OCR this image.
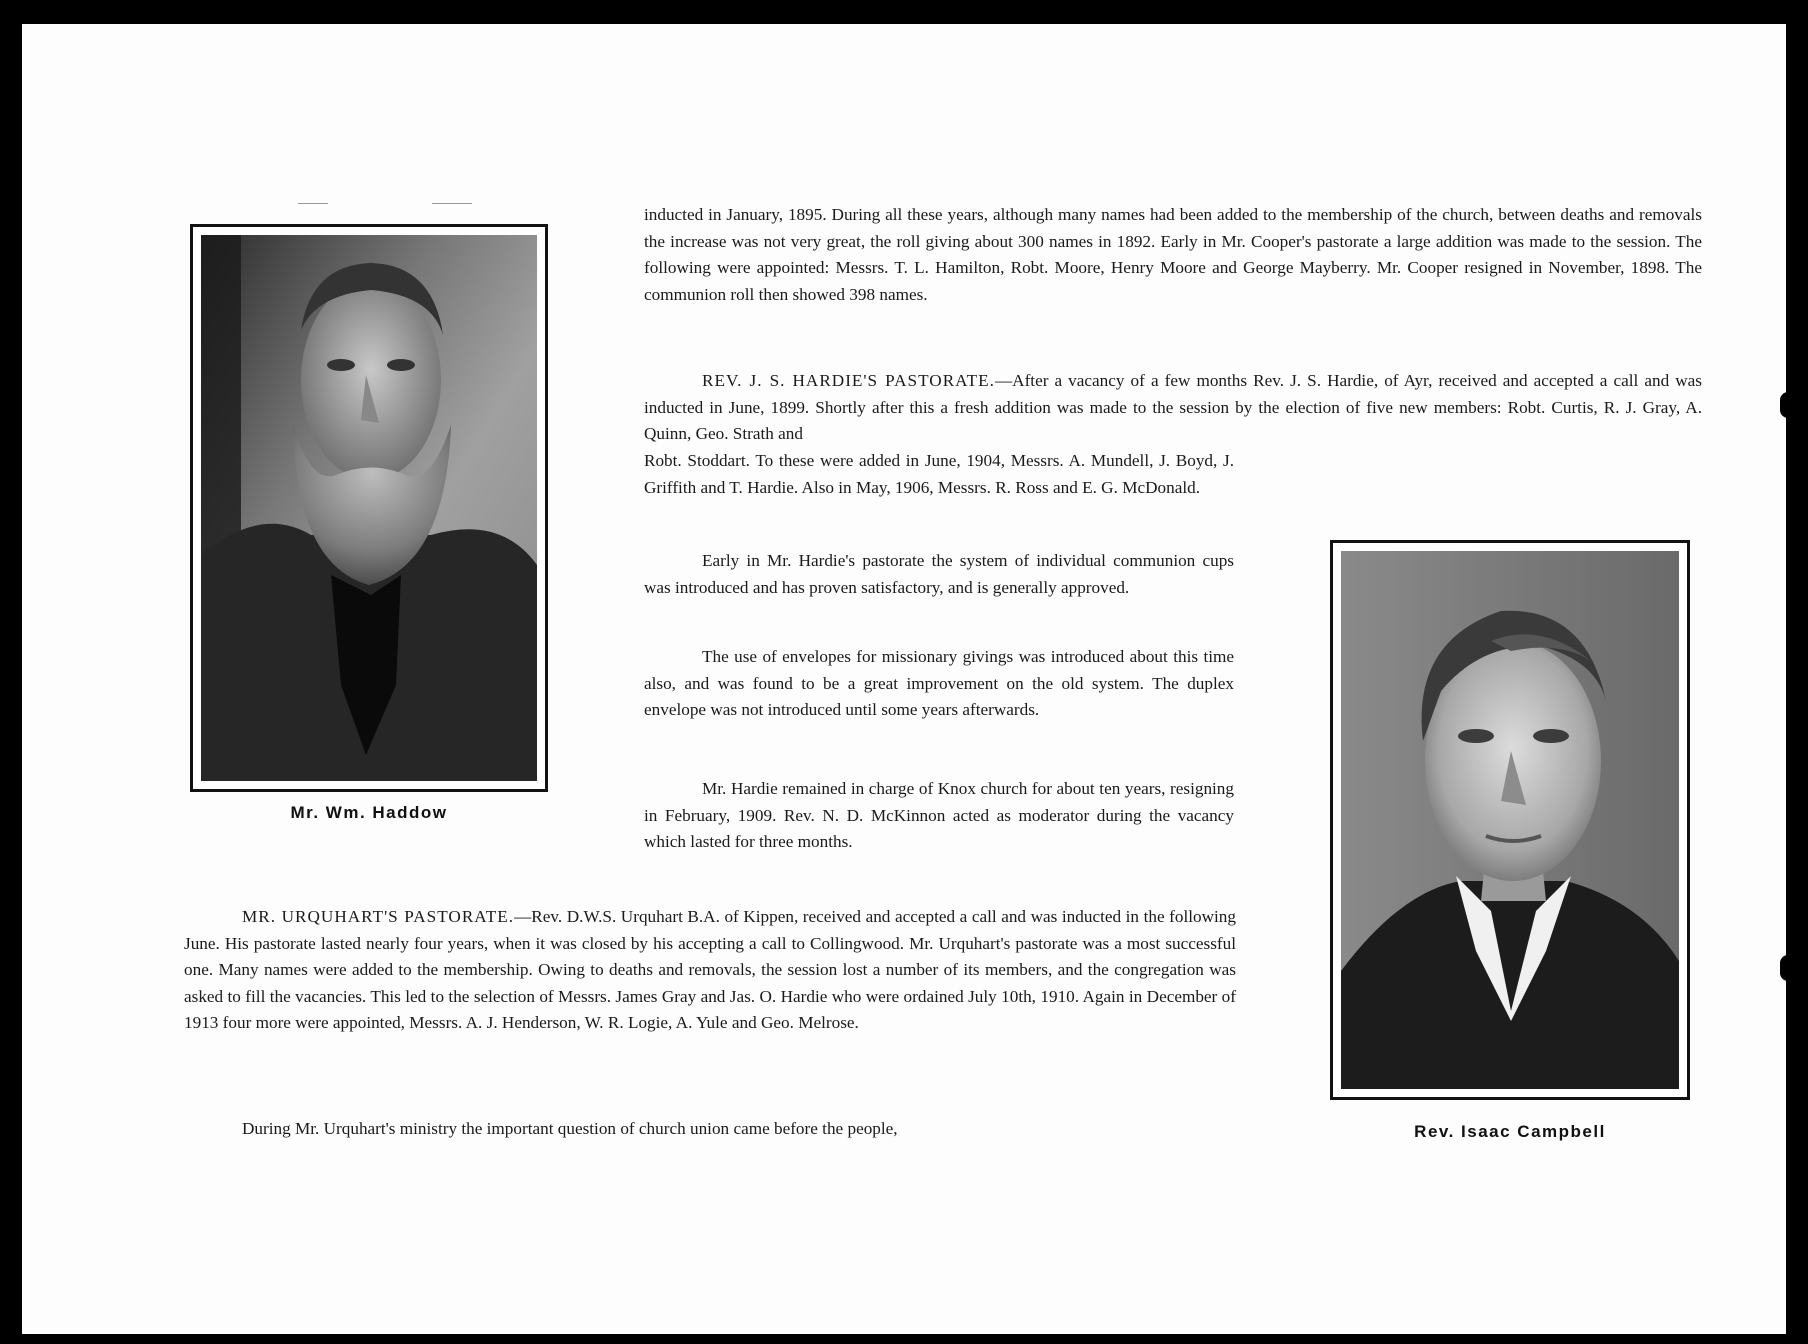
Mr. Wm. Haddow
Rev. Isaac Campbell

inducted in January, 1895. During all these years, although many names had been added to the membership of the church, between deaths and removals the increase was not very great, the roll giving about 300 names in 1892. Early in Mr. Cooper's pastorate a large addition was made to the session. The following were appointed: Messrs. T. L. Hamilton, Robt. Moore, Henry Moore and George Mayberry. Mr. Cooper resigned in November, 1898. The communion roll then showed 398 names.

REV. J. S. HARDIE'S PASTORATE.—After a vacancy of a few months Rev. J. S. Hardie, of Ayr, received and accepted a call and was inducted in June, 1899. Shortly after this a fresh addition was made to the session by the election of five new members: Robt. Curtis, R. J. Gray, A. Quinn, Geo. Strath and

Robt. Stoddart. To these were added in June, 1904, Messrs. A. Mundell, J. Boyd, J. Griffith and T. Hardie. Also in May, 1906, Messrs. R. Ross and E. G. McDonald.

Early in Mr. Hardie's pastorate the system of individual communion cups was introduced and has proven satisfactory, and is generally approved.

The use of envelopes for missionary givings was introduced about this time also, and was found to be a great improvement on the old system. The duplex envelope was not introduced until some years afterwards.

Mr. Hardie remained in charge of Knox church for about ten years, resigning in February, 1909. Rev. N. D. McKinnon acted as moderator during the vacancy which lasted for three months.

MR. URQUHART'S PASTORATE.—Rev. D.W.S. Urquhart B.A. of Kippen, received and accepted a call and was inducted in the following June. His pastorate lasted nearly four years, when it was closed by his accepting a call to Collingwood. Mr. Urquhart's pastorate was a most successful one. Many names were added to the membership. Owing to deaths and removals, the session lost a number of its members, and the congregation was asked to fill the vacancies. This led to the selection of Messrs. James Gray and Jas. O. Hardie who were ordained July 10th, 1910. Again in December of 1913 four more were appointed, Messrs. A. J. Henderson, W. R. Logie, A. Yule and Geo. Melrose.

During Mr. Urquhart's ministry the important question of church union came before the people,
